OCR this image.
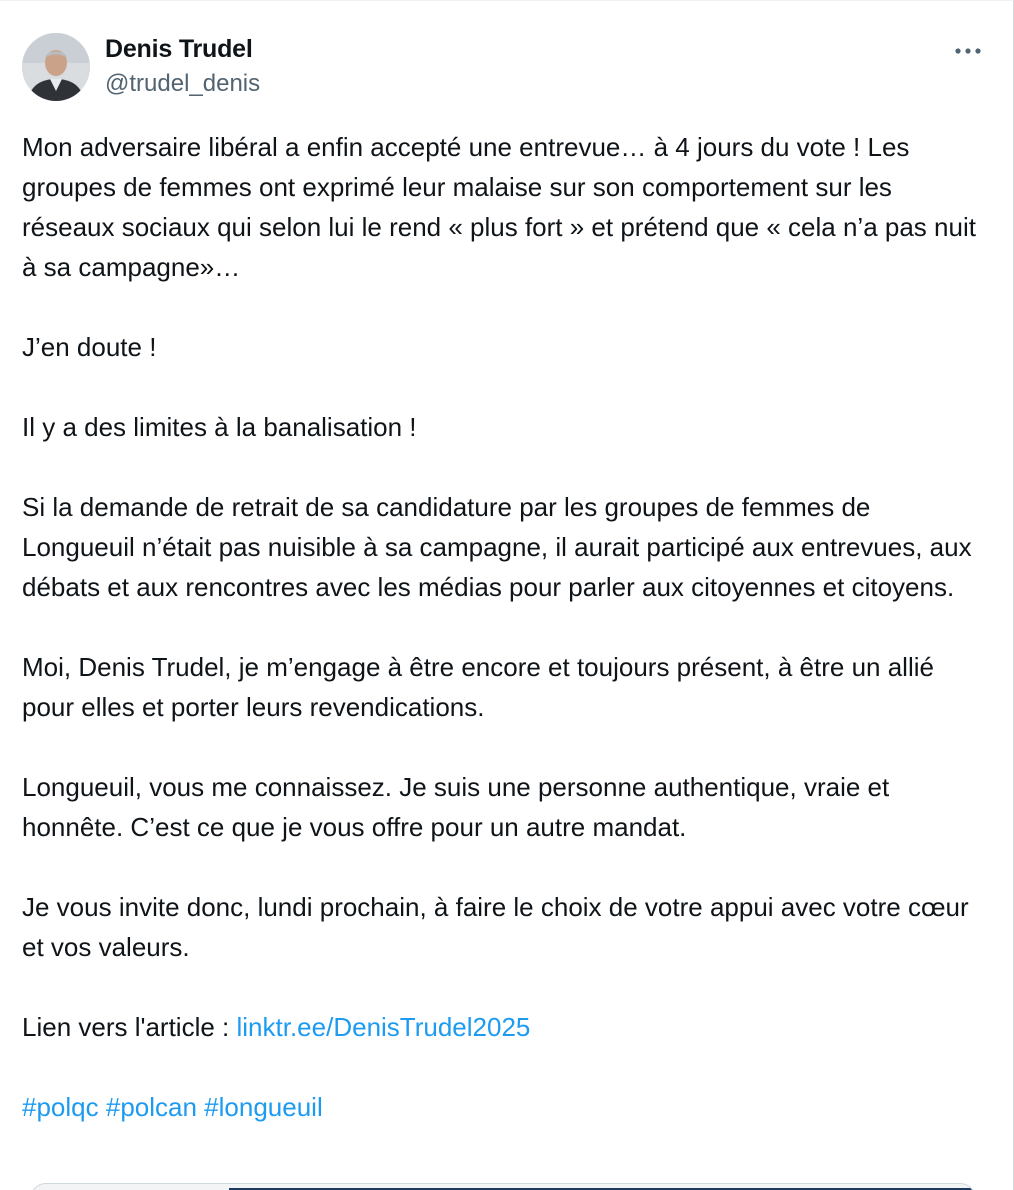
Denis Trudel
@trudel_denis

Mon adversaire libéral a enfin accepté une entrevue… à 4 jours du vote ! Les groupes de femmes ont exprimé leur malaise sur son comportement sur les réseaux sociaux qui selon lui le rend « plus fort » et prétend que « cela n’a pas nuit à sa campagne»…

J’en doute !

Il y a des limites à la banalisation !

Si la demande de retrait de sa candidature par les groupes de femmes de Longueuil n’était pas nuisible à sa campagne, il aurait participé aux entrevues, aux débats et aux rencontres avec les médias pour parler aux citoyennes et citoyens.

Moi, Denis Trudel, je m’engage à être encore et toujours présent, à être un allié pour elles et porter leurs revendications.

Longueuil, vous me connaissez. Je suis une personne authentique, vraie et honnête. C’est ce que je vous offre pour un autre mandat.

Je vous invite donc, lundi prochain, à faire le choix de votre appui avec votre cœur et vos valeurs.

Lien vers l'article : linktr.ee/DenisTrudel2025

#polqc #polcan #longueuil
